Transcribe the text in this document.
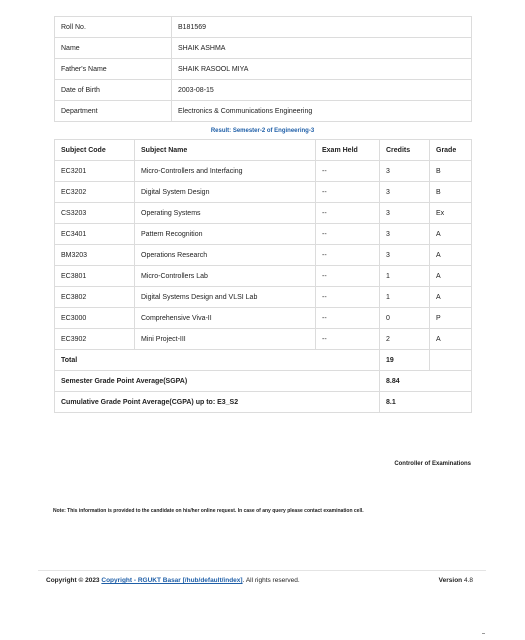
Roll No.	B181569
Name	SHAIK ASHMA
Father's Name	SHAIK RASOOL MIYA
Date of Birth	2003-08-15
Department	Electronics & Communications Engineering
Result: Semester-2 of Engineering-3
Subject Code	Subject Name	Exam Held	Credits	Grade
EC3201	Micro-Controllers and Interfacing	--	3	B
EC3202	Digital System Design	--	3	B
CS3203	Operating Systems	--	3	Ex
EC3401	Pattern Recognition	--	3	A
BM3203	Operations Research	--	3	A
EC3801	Micro-Controllers Lab	--	1	A
EC3802	Digital Systems Design and VLSI Lab	--	1	A
EC3000	Comprehensive Viva-II	--	0	P
EC3902	Mini Project-III	--	2	A
Total			19	
Semester Grade Point Average(SGPA)			8.84	
Cumulative Grade Point Average(CGPA) up to: E3_S2			8.1	
Controller of Examinations
Note: This information is provided to the candidate on his/her online request. In case of any query please contact examination cell.
Copyright © 2023 Copyright - RGUKT Basar [/hub/default/index]. All rights reserved.	Version 4.8
